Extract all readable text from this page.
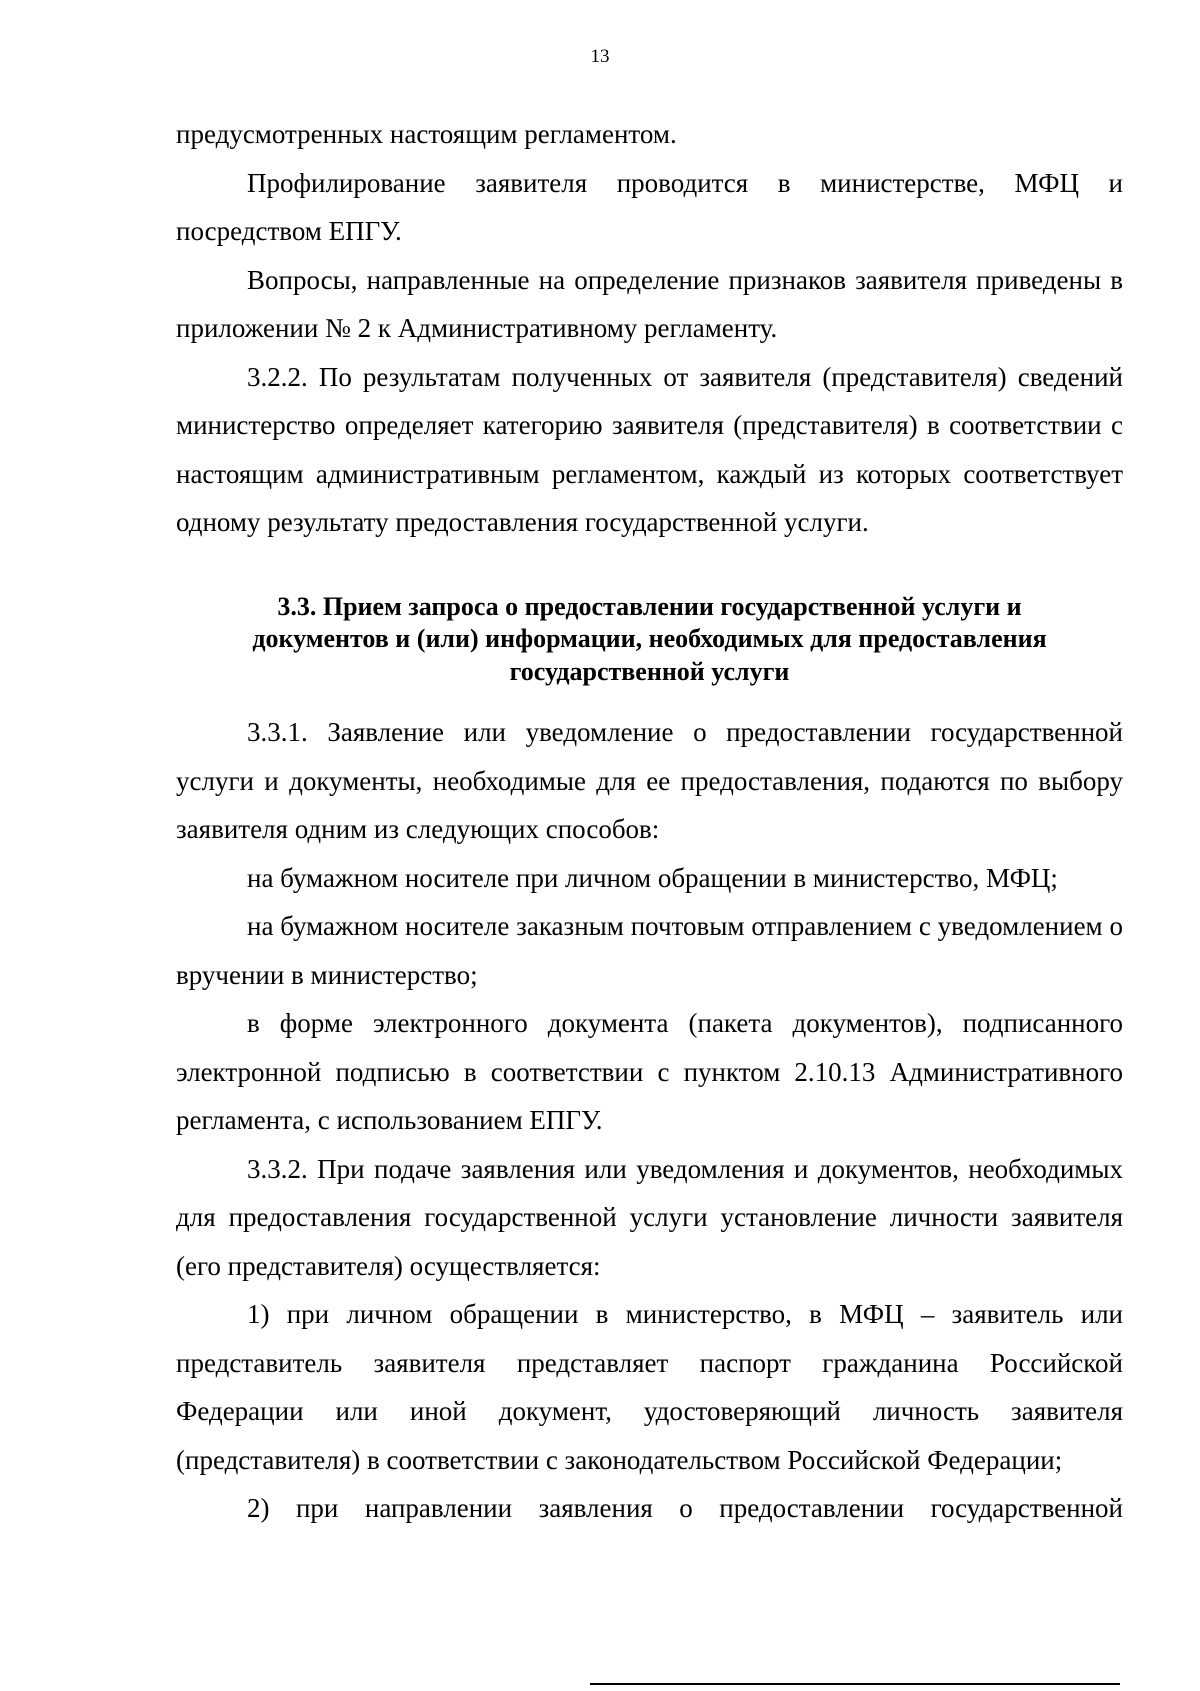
13

предусмотренных настоящим регламентом.

Профилирование заявителя проводится в министерстве, МФЦ и посредством ЕПГУ.

Вопросы, направленные на определение признаков заявителя приведены в приложении № 2 к Административному регламенту.

3.2.2. По результатам полученных от заявителя (представителя) сведений министерство определяет категорию заявителя (представителя) в соответствии с настоящим административным регламентом, каждый из которых соответствует одному результату предоставления государственной услуги.

3.3. Прием запроса о предоставлении государственной услуги и
документов и (или) информации, необходимых для предоставления
государственной услуги

3.3.1. Заявление или уведомление о предоставлении государственной услуги и документы, необходимые для ее предоставления, подаются по выбору заявителя одним из следующих способов:

на бумажном носителе при личном обращении в министерство, МФЦ;

на бумажном носителе заказным почтовым отправлением с уведомлением о вручении в министерство;

в форме электронного документа (пакета документов), подписанного электронной подписью в соответствии с пунктом 2.10.13 Административного регламента, с использованием ЕПГУ.

3.3.2. При подаче заявления или уведомления и документов, необходимых для предоставления государственной услуги установление личности заявителя (его представителя) осуществляется:

1) при личном обращении в министерство, в МФЦ – заявитель или представитель заявителя представляет паспорт гражданина Российской Федерации или иной документ, удостоверяющий личность заявителя (представителя) в соответствии с законодательством Российской Федерации;

2) при направлении заявления о предоставлении государственной
